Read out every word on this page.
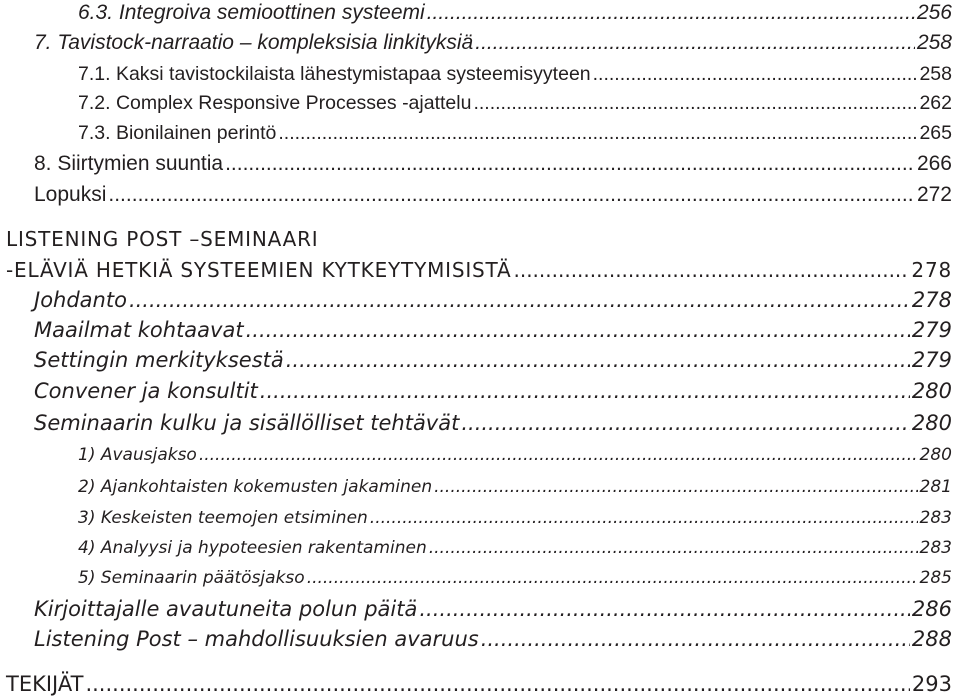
6.3. Integroiva semioottinen systeemi .....	256
7. Tavistock-narraatio – kompleksisia linkityksiä .....	258
7.1. Kaksi tavistockilaista lähestymistapaa systeemisyyteen .....	258
7.2. Complex Responsive Processes -ajattelu .....	262
7.3. Bionilainen perintö .....	265
8. Siirtymien suuntia .....	266
Lopuksi .....	272
LISTENING POST –SEMINAARI
- ELÄVIÄ HETKIÄ SYSTEEMIEN KYTKEYTYMISISTÄ .....	278
Johdanto .....	278
Maailmat kohtaavat .....	279
Settingin merkityksestä .....	279
Convener ja konsultit .....	280
Seminaarin kulku ja sisällölliset tehtävät .....	280
1) Avausjakso .....	280
2) Ajankohtaisten kokemusten jakaminen .....	281
3) Keskeisten teemojen etsiminen .....	283
4) Analyysi ja hypoteesien rakentaminen .....	283
5) Seminaarin päätösjakso .....	285
Kirjoittajalle avautuneita polun päitä .....	286
Listening Post – mahdollisuuksien avaruus .....	288
TEKIJÄT .....	293
